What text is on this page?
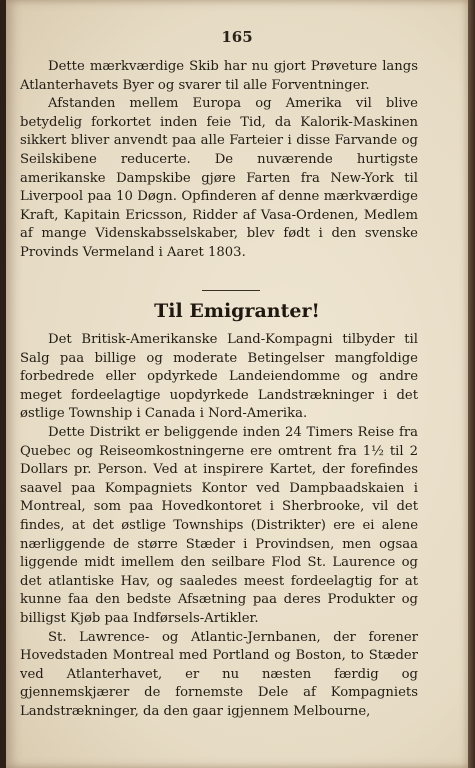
165

Dette mærkværdige Skib har nu gjort Prøveture langs Atlanterhavets Byer og svarer til alle Forventninger.

Afstanden mellem Europa og Amerika vil blive betydelig forkortet inden feie Tid, da Kalorik-Maskinen sikkert bliver anvendt paa alle Farteier i disse Farvande og Seilskibene reducerte. De nuværende hurtigste amerikanske Dampskibe gjøre Farten fra New-York til Liverpool paa 10 Døgn. Opfinderen af denne mærkværdige Kraft, Kapitain Ericsson, Ridder af Vasa-Ordenen, Medlem af mange Videnskabsselskaber, blev født i den svenske Provinds Vermeland i Aaret 1803.

Til Emigranter!

Det Britisk-Amerikanske Land-Kompagni tilbyder til Salg paa billige og moderate Betingelser mangfoldige forbedrede eller opdyrkede Landeiendomme og andre meget fordeelagtige uopdyrkede Landstrækninger i det østlige Township i Canada i Nord-Amerika.

Dette Distrikt er beliggende inden 24 Timers Reise fra Quebec og Reiseomkostningerne ere omtrent fra 1½ til 2 Dollars pr. Person. Ved at inspirere Kartet, der forefindes saavel paa Kompagniets Kontor ved Dampbaadskaien i Montreal, som paa Hovedkontoret i Sherbrooke, vil det findes, at det østlige Townships (Distrikter) ere ei alene nærliggende de større Stæder i Provindsen, men ogsaa liggende midt imellem den seilbare Flod St. Laurence og det atlantiske Hav, og saaledes meest fordeelagtig for at kunne faa den bedste Afsætning paa deres Produkter og billigst Kjøb paa Indførsels-Artikler.

St. Lawrence- og Atlantic-Jernbanen, der forener Hovedstaden Montreal med Portland og Boston, to Stæder ved Atlanterhavet, er nu næsten færdig og gjennemskjærer de fornemste Dele af Kompagniets Landstrækninger, da den gaar igjennem Melbourne,
